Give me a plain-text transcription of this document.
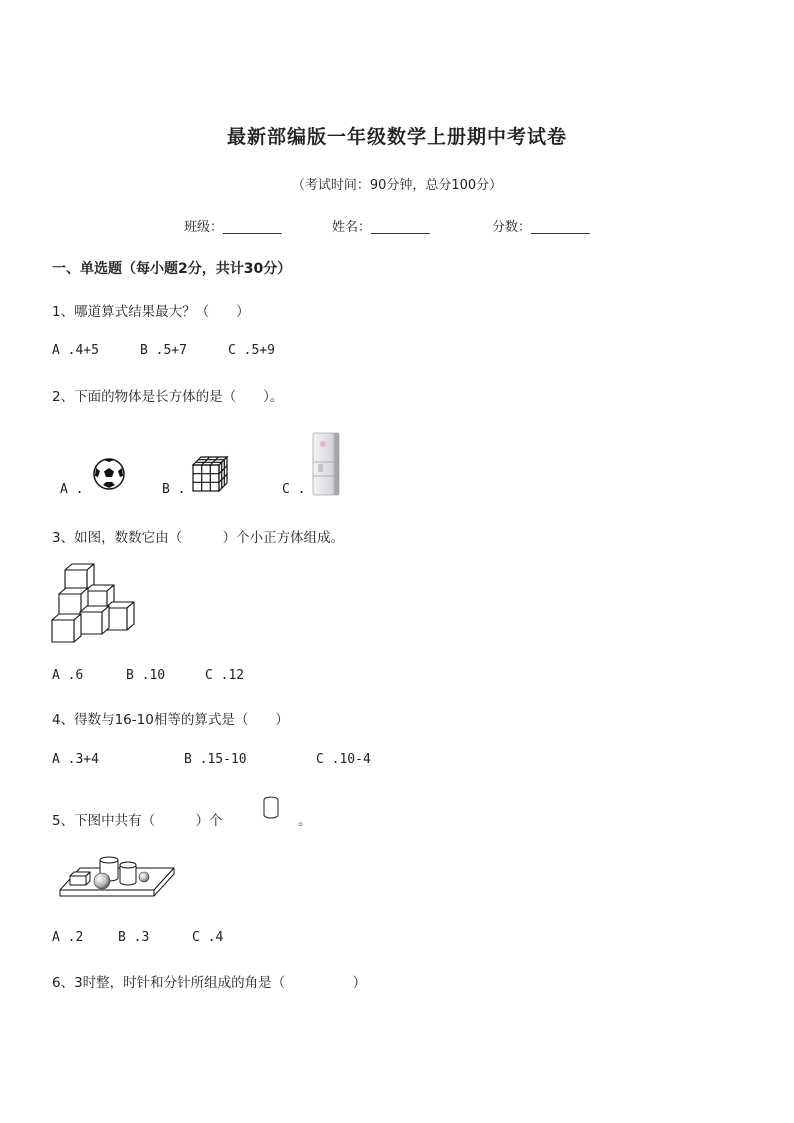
最新部编版一年级数学上册期中考试卷
（考试时间：90分钟，总分100分）
班级：_________	姓名：_________	分数：_________
一、单选题（每小题2分，共计30分）
1、哪道算式结果最大？（　　）
A .4+5	B .5+7	C .5+9
2、下面的物体是长方体的是（　　）。
A .	B .	C .
3、如图，数数它由（　　　）个小正方体组成。
A .6	B .10	C .12
4、得数与16-10相等的算式是（　　）
A .3+4	B .15-10	C .10-4
5、下图中共有（　　　）个	。
A .2	B .3	C .4
6、3时整，时针和分针所组成的角是（　　　　　）
